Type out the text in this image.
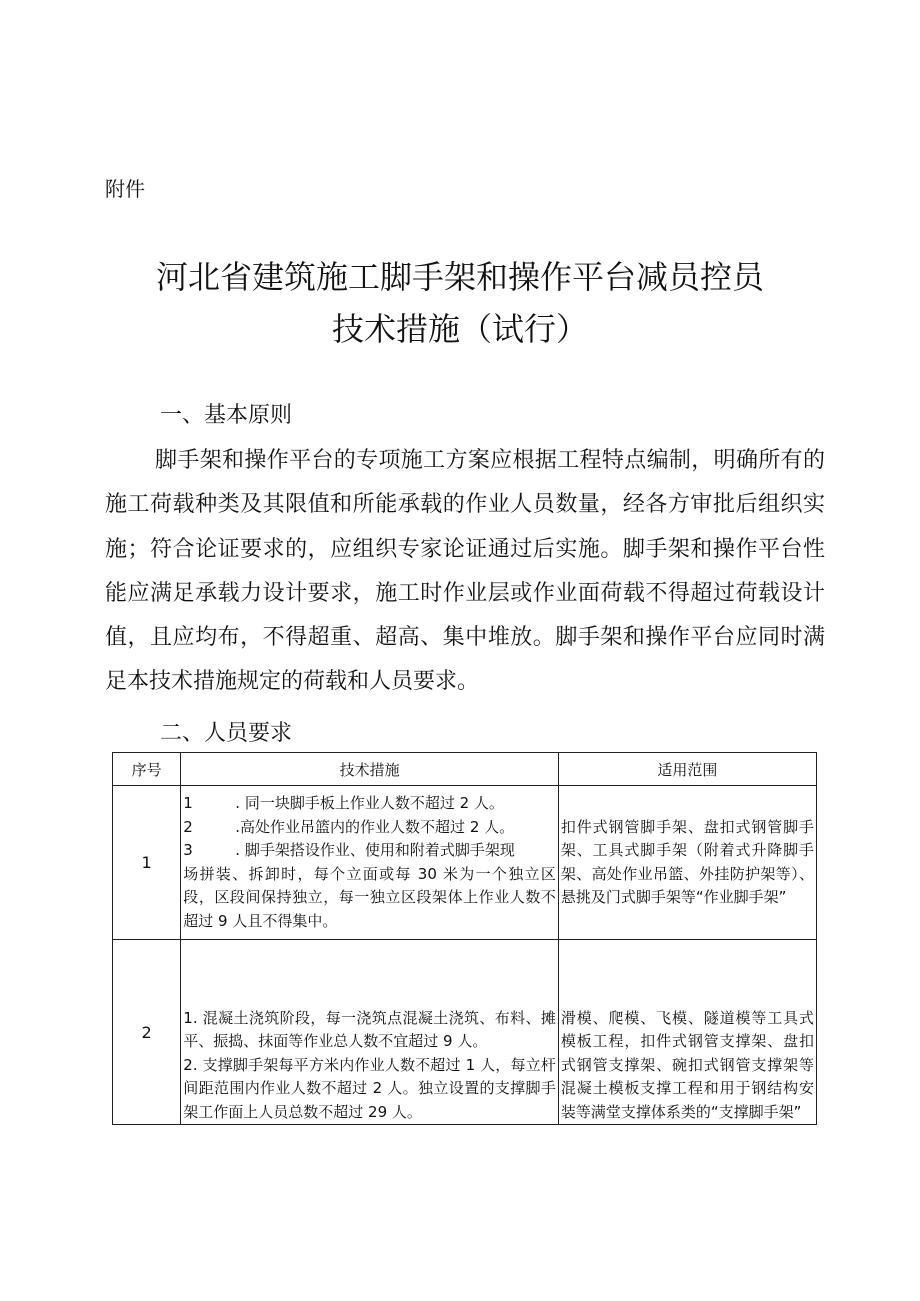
附件
河北省建筑施工脚手架和操作平台减员控员
技术措施（试行）
一、基本原则
脚手架和操作平台的专项施工方案应根据工程特点编制，明确所有的施工荷载种类及其限值和所能承载的作业人员数量，经各方审批后组织实施；符合论证要求的，应组织专家论证通过后实施。脚手架和操作平台性能应满足承载力设计要求，施工时作业层或作业面荷载不得超过荷载设计值，且应均布，不得超重、超高、集中堆放。脚手架和操作平台应同时满足本技术措施规定的荷载和人员要求。
二、人员要求
序号	技术措施	适用范围
1	1 . 同一块脚手板上作业人数不超过 2 人。
2 .高处作业吊篮内的作业人数不超过 2 人。
3 . 脚手架搭设作业、使用和附着式脚手架现
场拼装、拆卸时，每个立面或每 30 米为一个独立区段，区段间保持独立，每一独立区段架体上作业人数不超过 9 人且不得集中。	扣件式钢管脚手架、盘扣式钢管脚手架、工具式脚手架（附着式升降脚手架、高处作业吊篮、外挂防护架等）、悬挑及门式脚手架等“作业脚手架”
2	1. 混凝土浇筑阶段，每一浇筑点混凝土浇筑、布料、摊平、振捣、抹面等作业总人数不宜超过 9 人。
2. 支撑脚手架每平方米内作业人数不超过 1 人，每立杆间距范围内作业人数不超过 2 人。独立设置的支撑脚手架工作面上人员总数不超过 29 人。	滑模、爬模、飞模、隧道模等工具式模板工程，扣件式钢管支撑架、盘扣式钢管支撑架、碗扣式钢管支撑架等混凝土模板支撑工程和用于钢结构安装等满堂支撑体系类的“支撑脚手架”
